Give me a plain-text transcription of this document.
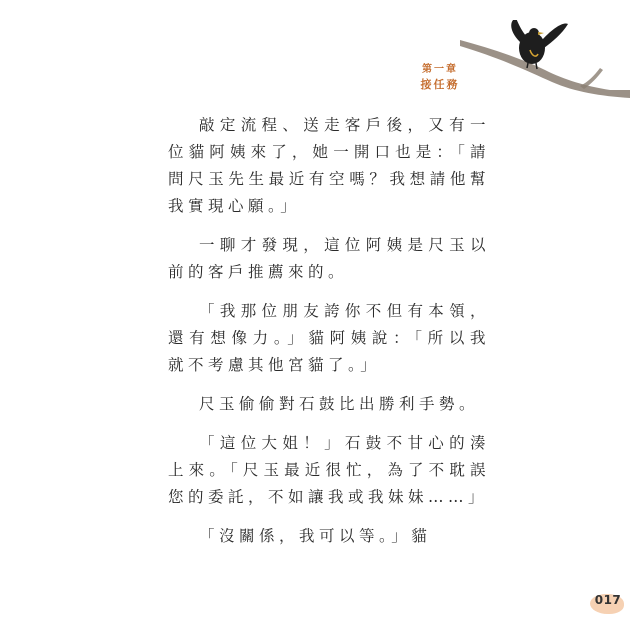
第一章
接任務

敲定流程、送走客戶後，又有一位貓阿姨來了，她一開口也是：「請問尺玉先生最近有空嗎？我想請他幫我實現心願。」

一聊才發現，這位阿姨是尺玉以前的客戶推薦來的。

「我那位朋友誇你不但有本領，還有想像力。」貓阿姨說：「所以我就不考慮其他宮貓了。」

尺玉偷偷對石鼓比出勝利手勢。

「這位大姐！」石鼓不甘心的湊上來。「尺玉最近很忙，為了不耽誤您的委託，不如讓我或我妹妹……」

「沒關係，我可以等。」貓

017
